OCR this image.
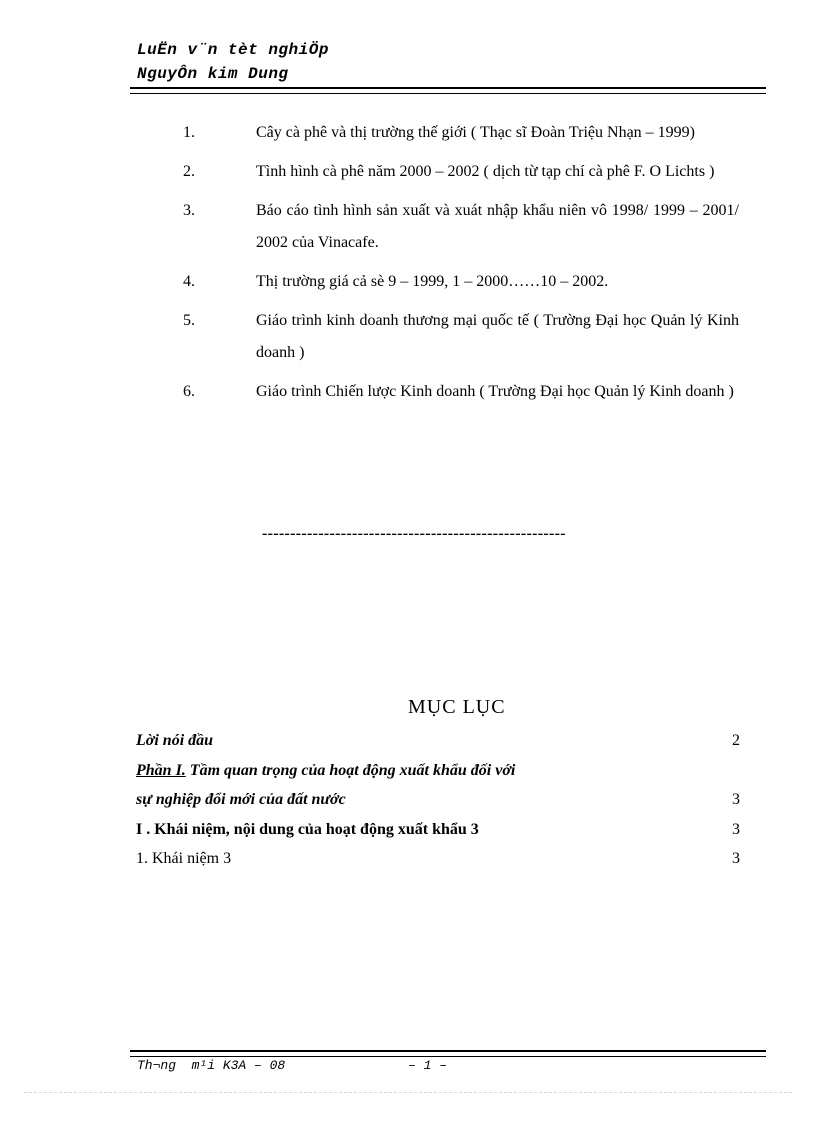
LuËn v¨n tèt nghiÖp
NguyÔn kim Dung
1.	Cây cà phê và thị trường thế giới ( Thạc sĩ Đoàn Triệu Nhạn – 1999)
2.	Tình hình cà phê năm 2000 – 2002 ( dịch từ tạp chí cà phê F. O Lichts )
3.	Báo cáo tình hình sản xuất và xuát nhập khẩu niên vô 1998/ 1999 – 2001/ 2002 của Vinacafe.
4.	Thị trường giá cả sè 9 – 1999, 1 – 2000……10 – 2002.
5.	Giáo trình kinh doanh thương mại quốc tế ( Trường Đại học Quản lý Kinh doanh )
6.	Giáo trình Chiến lược Kinh doanh ( Trường Đại học Quản lý Kinh doanh )
------------------------------------------------------
MỤC LỤC
Lời nói đầu	2
Phần I. Tầm quan trọng của hoạt động xuất khẩu đối với
sự nghiệp đổi mới của đất nước	3
I . Khái niệm, nội dung của hoạt động xuất khẩu 3	3
1. Khái niệm 3	3
Th¬ng  m¹i K3A – 08	– 1 –
